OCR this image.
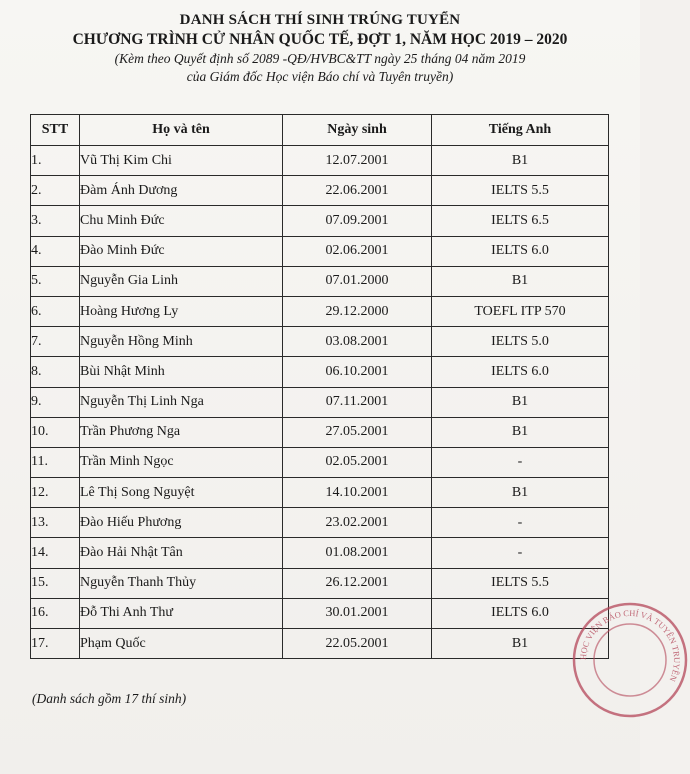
DANH SÁCH THÍ SINH TRÚNG TUYỂN
CHƯƠNG TRÌNH CỬ NHÂN QUỐC TẾ, ĐỢT 1, NĂM HỌC 2019 – 2020
(Kèm theo Quyết định số 2089 -QĐ/HVBC&TT ngày 25 tháng 04 năm 2019
của Giám đốc Học viện Báo chí và Tuyên truyền)
STT	Họ và tên	Ngày sinh	Tiếng Anh
1.	Vũ Thị Kim Chi	12.07.2001	B1
2.	Đàm Ánh Dương	22.06.2001	IELTS 5.5
3.	Chu Minh Đức	07.09.2001	IELTS 6.5
4.	Đào Minh Đức	02.06.2001	IELTS 6.0
5.	Nguyễn Gia Linh	07.01.2000	B1
6.	Hoàng Hương Ly	29.12.2000	TOEFL ITP 570
7.	Nguyễn Hồng Minh	03.08.2001	IELTS 5.0
8.	Bùi Nhật Minh	06.10.2001	IELTS 6.0
9.	Nguyễn Thị Linh Nga	07.11.2001	B1
10.	Trần Phương Nga	27.05.2001	B1
11.	Trần Minh Ngọc	02.05.2001	-
12.	Lê Thị Song Nguyệt	14.10.2001	B1
13.	Đào Hiếu Phương	23.02.2001	-
14.	Đào Hải Nhật Tân	01.08.2001	-
15.	Nguyễn Thanh Thủy	26.12.2001	IELTS 5.5
16.	Đỗ Thi Anh Thư	30.01.2001	IELTS 6.0
17.	Phạm Quốc	22.05.2001	B1
(Danh sách gồm 17 thí sinh)
HỌC VIỆN BÁO CHÍ VÀ TUYÊN TRUYỀN
